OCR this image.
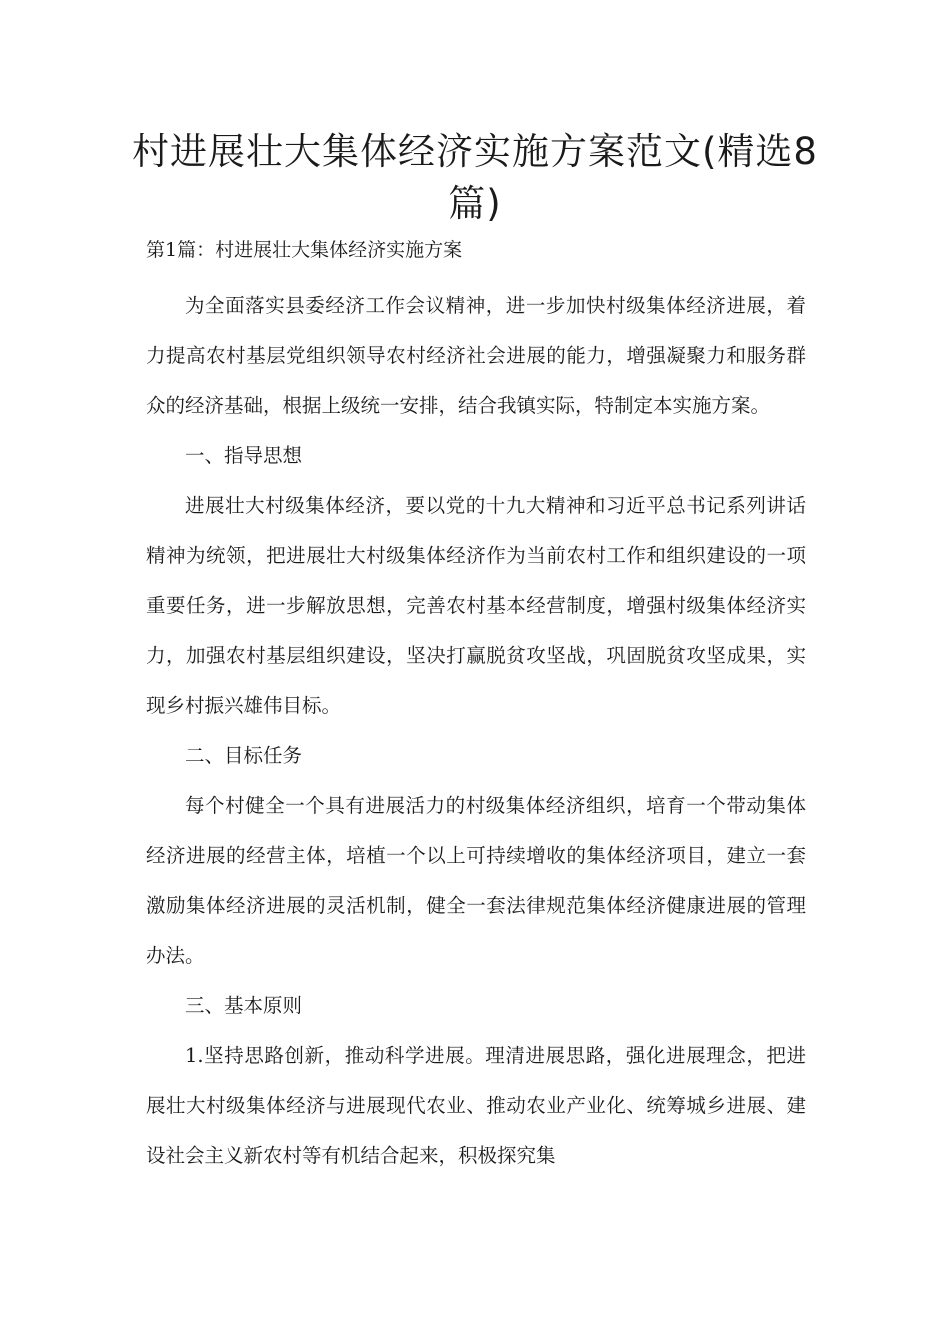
村进展壮大集体经济实施方案范文(精选8篇)

第1篇：村进展壮大集体经济实施方案

为全面落实县委经济工作会议精神，进一步加快村级集体经济进展，着力提高农村基层党组织领导农村经济社会进展的能力，增强凝聚力和服务群众的经济基础，根据上级统一安排，结合我镇实际，特制定本实施方案。

一、指导思想

进展壮大村级集体经济，要以党的十九大精神和习近平总书记系列讲话精神为统领，把进展壮大村级集体经济作为当前农村工作和组织建设的一项重要任务，进一步解放思想，完善农村基本经营制度，增强村级集体经济实力，加强农村基层组织建设，坚决打赢脱贫攻坚战，巩固脱贫攻坚成果，实现乡村振兴雄伟目标。

二、目标任务

每个村健全一个具有进展活力的村级集体经济组织，培育一个带动集体经济进展的经营主体，培植一个以上可持续增收的集体经济项目，建立一套激励集体经济进展的灵活机制，健全一套法律规范集体经济健康进展的管理办法。

三、基本原则

1.坚持思路创新，推动科学进展。理清进展思路，强化进展理念，把进展壮大村级集体经济与进展现代农业、推动农业产业化、统筹城乡进展、建设社会主义新农村等有机结合起来，积极探究集
